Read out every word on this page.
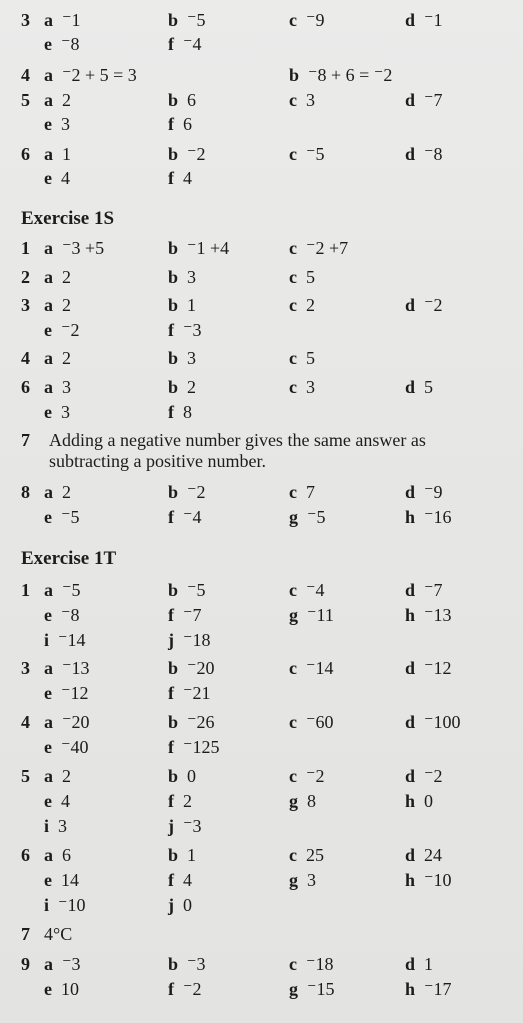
3 a ⁻1	b ⁻5	c ⁻9	d ⁻1
e ⁻8	f ⁻4
4 a ⁻2 + 5 = 3	b ⁻8 + 6 = ⁻2
5 a 2	b 6	c 3	d ⁻7
e 3	f 6
6 a 1	b ⁻2	c ⁻5	d ⁻8
e 4	f 4
Exercise 1S
1 a ⁻3 +5	b ⁻1 +4	c ⁻2 +7
2 a 2	b 3	c 5
3 a 2	b 1	c 2	d ⁻2
e ⁻2	f ⁻3
4 a 2	b 3	c 5
6 a 3	b 2	c 3	d 5
e 3	f 8
7 Adding a negative number gives the same answer as subtracting a positive number.
8 a 2	b ⁻2	c 7	d ⁻9
e ⁻5	f ⁻4	g ⁻5	h ⁻16
Exercise 1T
1 a ⁻5	b ⁻5	c ⁻4	d ⁻7
e ⁻8	f ⁻7	g ⁻11	h ⁻13
i ⁻14	j ⁻18
3 a ⁻13	b ⁻20	c ⁻14	d ⁻12
e ⁻12	f ⁻21
4 a ⁻20	b ⁻26	c ⁻60	d ⁻100
e ⁻40	f ⁻125
5 a 2	b 0	c ⁻2	d ⁻2
e 4	f 2	g 8	h 0
i 3	j ⁻3
6 a 6	b 1	c 25	d 24
e 14	f 4	g 3	h ⁻10
i ⁻10	j 0
7 4°C
9 a ⁻3	b ⁻3	c ⁻18	d 1
e 10	f ⁻2	g ⁻15	h ⁻17
